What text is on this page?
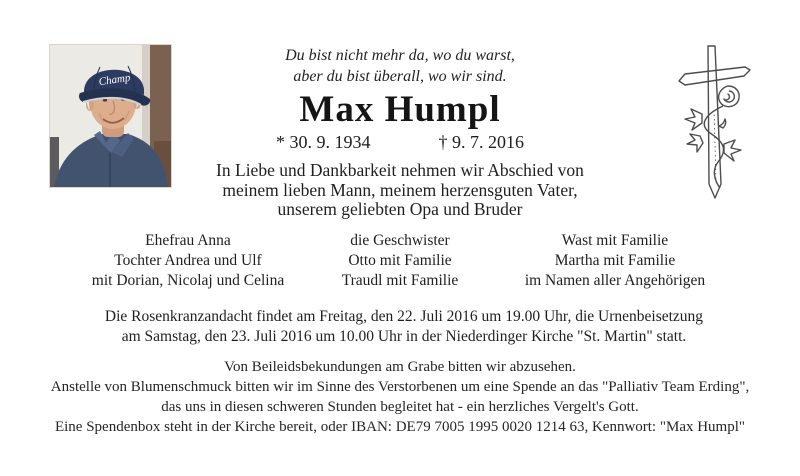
Champ
Du bist nicht mehr da, wo du warst,
aber du bist überall, wo wir sind.
Max Humpl
* 30. 9. 1934	† 9. 7. 2016
In Liebe und Dankbarkeit nehmen wir Abschied von
meinem lieben Mann, meinem herzensguten Vater,
unserem geliebten Opa und Bruder
Ehefrau Anna
Tochter Andrea und Ulf
mit Dorian, Nicolaj und Celina
die Geschwister
Otto mit Familie
Traudl mit Familie
Wast mit Familie
Martha mit Familie
im Namen aller Angehörigen
Die Rosenkranzandacht findet am Freitag, den 22. Juli 2016 um 19.00 Uhr, die Urnenbeisetzung
am Samstag, den 23. Juli 2016 um 10.00 Uhr in der Niederdinger Kirche "St. Martin" statt.
Von Beileidsbekundungen am Grabe bitten wir abzusehen.
Anstelle von Blumenschmuck bitten wir im Sinne des Verstorbenen um eine Spende an das "Palliativ Team Erding",
das uns in diesen schweren Stunden begleitet hat - ein herzliches Vergelt's Gott.
Eine Spendenbox steht in der Kirche bereit, oder IBAN: DE79 7005 1995 0020 1214 63, Kennwort: "Max Humpl"
